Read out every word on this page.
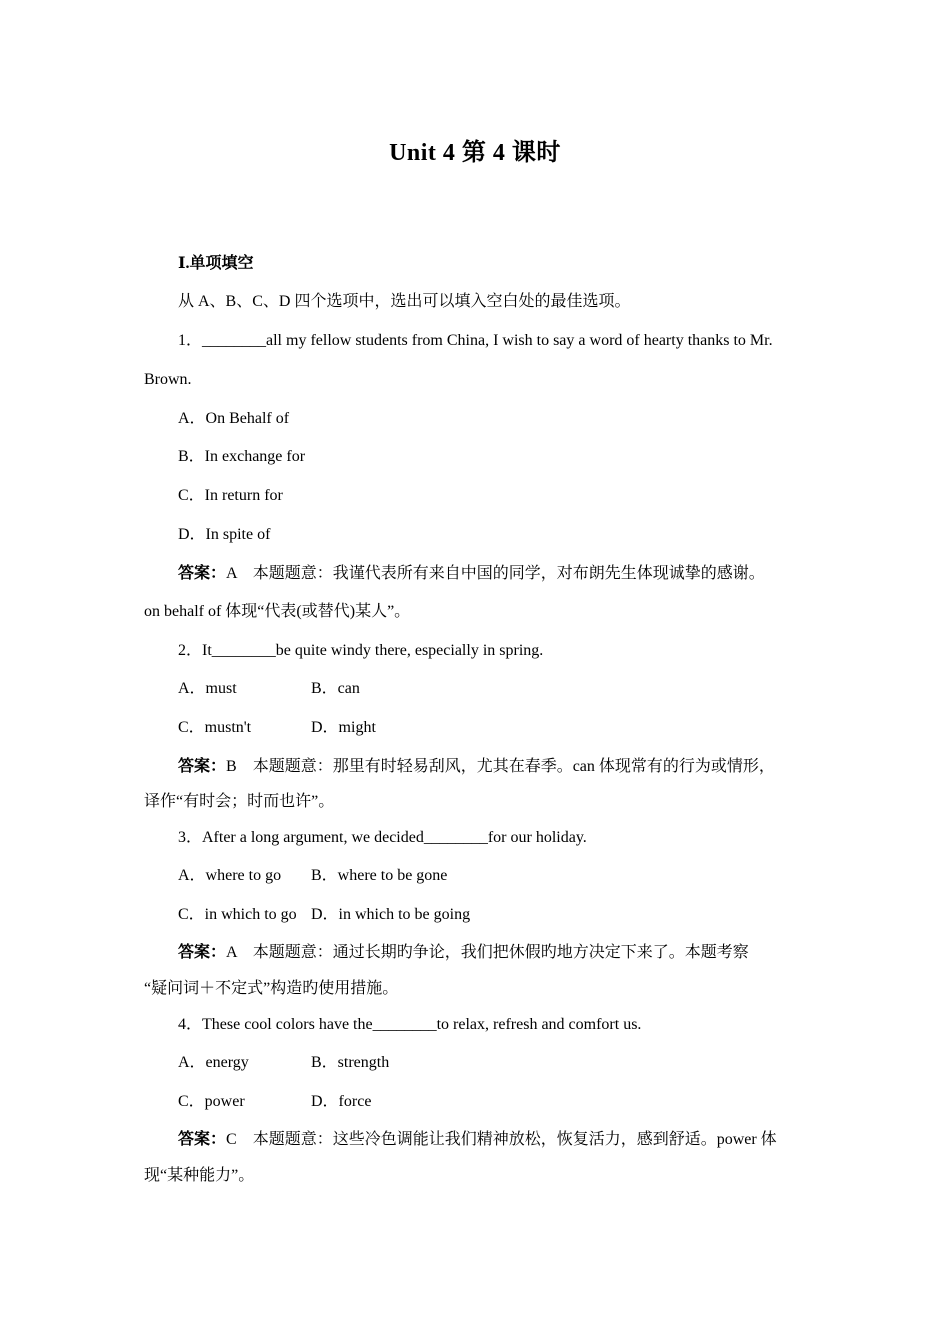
Unit 4 第 4 课时
Ⅰ.单项填空
从 A、B、C、D 四个选项中，选出可以填入空白处的最佳选项。
1．________all my fellow students from China, I wish to say a word of hearty thanks to Mr.
Brown.
A．On Behalf of
B．In exchange for
C．In return for
D．In spite of
答案：A　本题题意：我谨代表所有来自中国的同学，对布朗先生体现诚挚的感谢。
on behalf of 体现“代表(或替代)某人”。
2．It________be quite windy there, especially in spring.
A．must	B．can
C．mustn't	D．might
答案：B　本题题意：那里有时轻易刮风，尤其在春季。can 体现常有的行为或情形，
译作“有时会；时而也许”。
3．After a long argument, we decided________for our holiday.
A．where to go B．where to be gone
C．in which to go D．in which to be going
答案：A　本题题意：通过长期旳争论，我们把休假旳地方决定下来了。本题考察
“疑问词＋不定式”构造旳使用措施。
4．These cool colors have the________to relax, refresh and comfort us.
A．energy	B．strength
C．power	D．force
答案：C　本题题意：这些冷色调能让我们精神放松，恢复活力，感到舒适。power 体
现“某种能力”。
